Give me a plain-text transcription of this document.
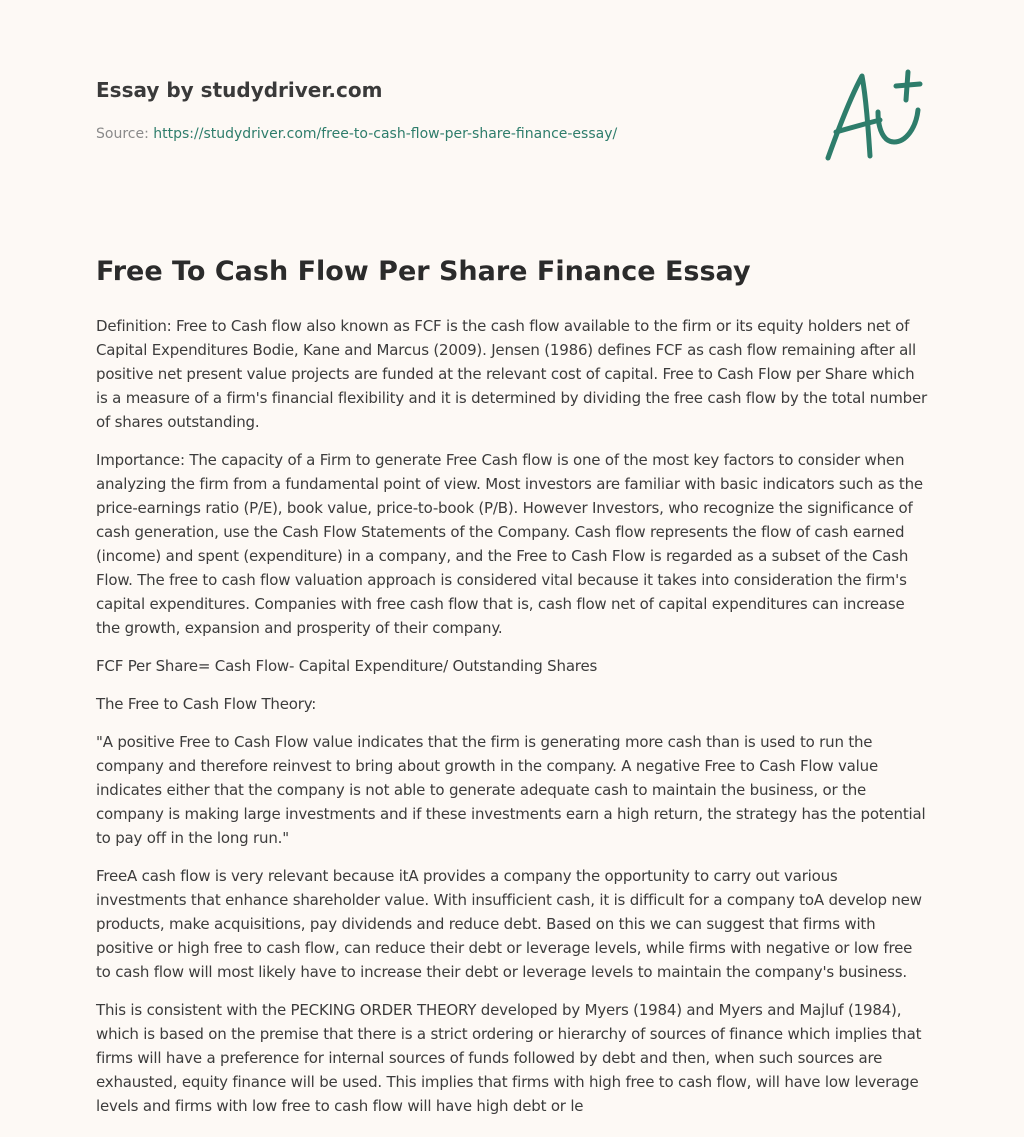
Essay by studydriver.com
Source: https://studydriver.com/free-to-cash-flow-per-share-finance-essay/
Free To Cash Flow Per Share Finance Essay

Definition: Free to Cash flow also known as FCF is the cash flow available to the firm or its equity holders net of Capital Expenditures Bodie, Kane and Marcus (2009). Jensen (1986) defines FCF as cash flow remaining after all positive net present value projects are funded at the relevant cost of capital. Free to Cash Flow per Share which is a measure of a firm's financial flexibility and it is determined by dividing the free cash flow by the total number of shares outstanding.

Importance: The capacity of a Firm to generate Free Cash flow is one of the most key factors to consider when analyzing the firm from a fundamental point of view. Most investors are familiar with basic indicators such as the price-earnings ratio (P/E), book value, price-to-book (P/B). However Investors, who recognize the significance of cash generation, use the Cash Flow Statements of the Company. Cash flow represents the flow of cash earned (income) and spent (expenditure) in a company, and the Free to Cash Flow is regarded as a subset of the Cash Flow. The free to cash flow valuation approach is considered vital because it takes into consideration the firm's capital expenditures. Companies with free cash flow that is, cash flow net of capital expenditures can increase the growth, expansion and prosperity of their company.

FCF Per Share= Cash Flow- Capital Expenditure/ Outstanding Shares

The Free to Cash Flow Theory:

"A positive Free to Cash Flow value indicates that the firm is generating more cash than is used to run the company and therefore reinvest to bring about growth in the company. A negative Free to Cash Flow value indicates either that the company is not able to generate adequate cash to maintain the business, or the company is making large investments and if these investments earn a high return, the strategy has the potential to pay off in the long run."

FreeA cash flow is very relevant because itA provides a company the opportunity to carry out various investments that enhance shareholder value. With insufficient cash, it is difficult for a company toA develop new products, make acquisitions, pay dividends and reduce debt. Based on this we can suggest that firms with positive or high free to cash flow, can reduce their debt or leverage levels, while firms with negative or low free to cash flow will most likely have to increase their debt or leverage levels to maintain the company's business.

This is consistent with the PECKING ORDER THEORY developed by Myers (1984) and Myers and Majluf (1984), which is based on the premise that there is a strict ordering or hierarchy of sources of finance which implies that firms will have a preference for internal sources of funds followed by debt and then, when such sources are exhausted, equity finance will be used. This implies that firms with high free to cash flow, will have low leverage levels and firms with low free to cash flow will have high debt or le
